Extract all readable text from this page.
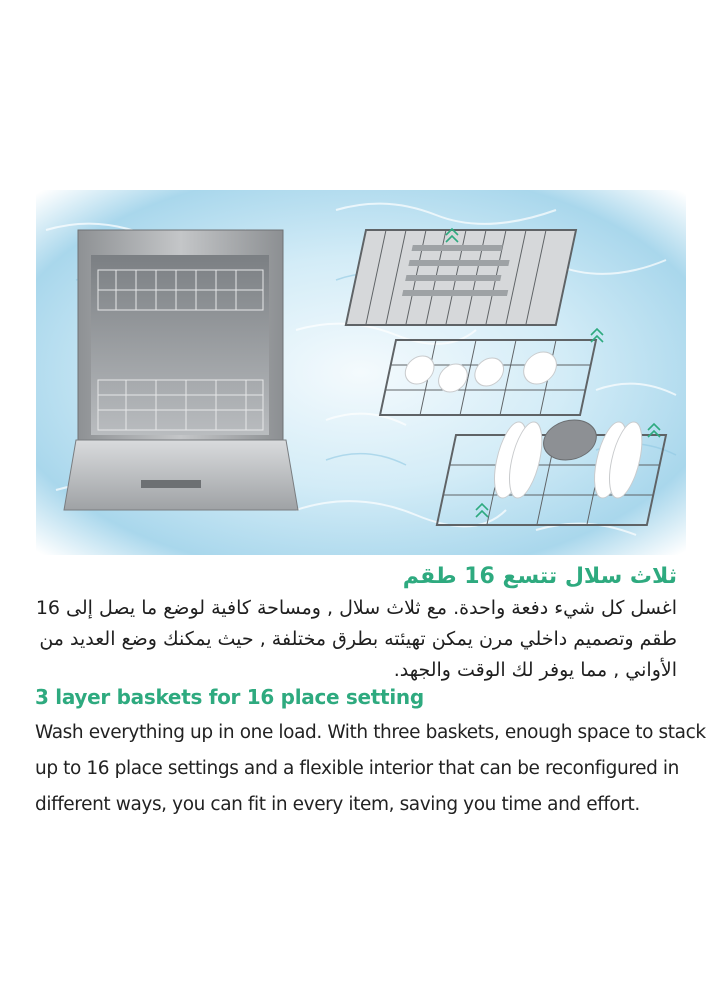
ثلاث سلال تتسع 16 طقم
اغسل كل شيء دفعة واحدة. مع ثلاث سلال , ومساحة كافية لوضع ما يصل إلى 16
طقم وتصميم داخلي مرن يمكن تهيئته بطرق مختلفة , حيث يمكنك وضع العديد من
الأواني , مما يوفر لك الوقت والجهد.
3 layer baskets for 16 place setting
Wash everything up in one load. With three baskets, enough space to stack
up to 16 place settings and a flexible interior that can be reconfigured in
different ways, you can fit in every item, saving you time and effort.
